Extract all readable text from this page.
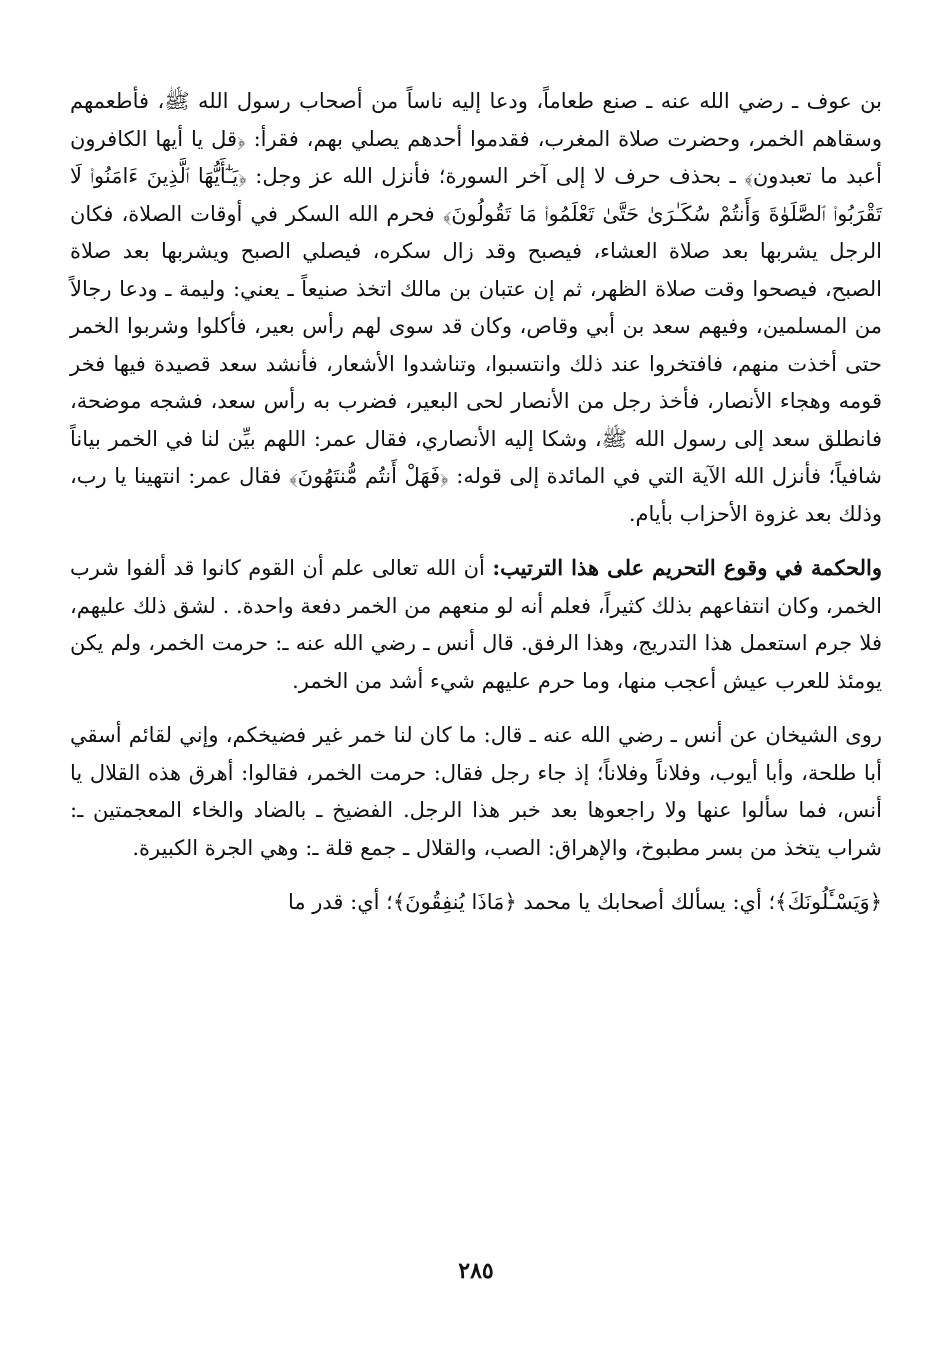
بن عوف ـ رضي الله عنه ـ صنع طعاماً، ودعا إليه ناساً من أصحاب رسول الله ﷺ، فأطعمهم وسقاهم الخمر، وحضرت صلاة المغرب، فقدموا أحدهم يصلي بهم، فقرأ: ﴿قل يا أيها الكافرون أعبد ما تعبدون﴾ ـ بحذف حرف لا إلى آخر السورة؛ فأنزل الله عز وجل: ﴿يَـٰٓأَيُّهَا ٱلَّذِينَ ءَامَنُوا۟ لَا تَقْرَبُوا۟ ٱلصَّلَوٰةَ وَأَنتُمْ سُكَـٰرَىٰ حَتَّىٰ تَعْلَمُوا۟ مَا تَقُولُونَ﴾ فحرم الله السكر في أوقات الصلاة، فكان الرجل يشربها بعد صلاة العشاء، فيصبح وقد زال سكره، فيصلي الصبح ويشربها بعد صلاة الصبح، فيصحوا وقت صلاة الظهر، ثم إن عتبان بن مالك اتخذ صنيعاً ـ يعني: وليمة ـ ودعا رجالاً من المسلمين، وفيهم سعد بن أبي وقاص، وكان قد سوى لهم رأس بعير، فأكلوا وشربوا الخمر حتى أخذت منهم، فافتخروا عند ذلك وانتسبوا، وتناشدوا الأشعار، فأنشد سعد قصيدة فيها فخر قومه وهجاء الأنصار، فأخذ رجل من الأنصار لحى البعير، فضرب به رأس سعد، فشجه موضحة، فانطلق سعد إلى رسول الله ﷺ، وشكا إليه الأنصاري، فقال عمر: اللهم بيِّن لنا في الخمر بياناً شافياً؛ فأنزل الله الآية التي في المائدة إلى قوله: ﴿فَهَلْ أَنتُم مُّنتَهُونَ﴾ فقال عمر: انتهينا يا رب، وذلك بعد غزوة الأحزاب بأيام.

والحكمة في وقوع التحريم على هذا الترتيب: أن الله تعالى علم أن القوم كانوا قد ألفوا شرب الخمر، وكان انتفاعهم بذلك كثيراً، فعلم أنه لو منعهم من الخمر دفعة واحدة. . لشق ذلك عليهم، فلا جرم استعمل هذا التدريج، وهذا الرفق. قال أنس ـ رضي الله عنه ـ: حرمت الخمر، ولم يكن يومئذ للعرب عيش أعجب منها، وما حرم عليهم شيء أشد من الخمر.

روى الشيخان عن أنس ـ رضي الله عنه ـ قال: ما كان لنا خمر غير فضيخكم، وإني لقائم أسقي أبا طلحة، وأبا أيوب، وفلاناً وفلاناً؛ إذ جاء رجل فقال: حرمت الخمر، فقالوا: أهرق هذه القلال يا أنس، فما سألوا عنها ولا راجعوها بعد خبر هذا الرجل. الفضيخ ـ بالضاد والخاء المعجمتين ـ: شراب يتخذ من بسر مطبوخ، والإهراق: الصب، والقلال ـ جمع قلة ـ: وهي الجرة الكبيرة.

﴿وَيَسْـَٔلُونَكَ﴾؛ أي: يسألك أصحابك يا محمد ﴿مَاذَا يُنفِقُونَ﴾؛ أي: قدر ما

٢٨٥
